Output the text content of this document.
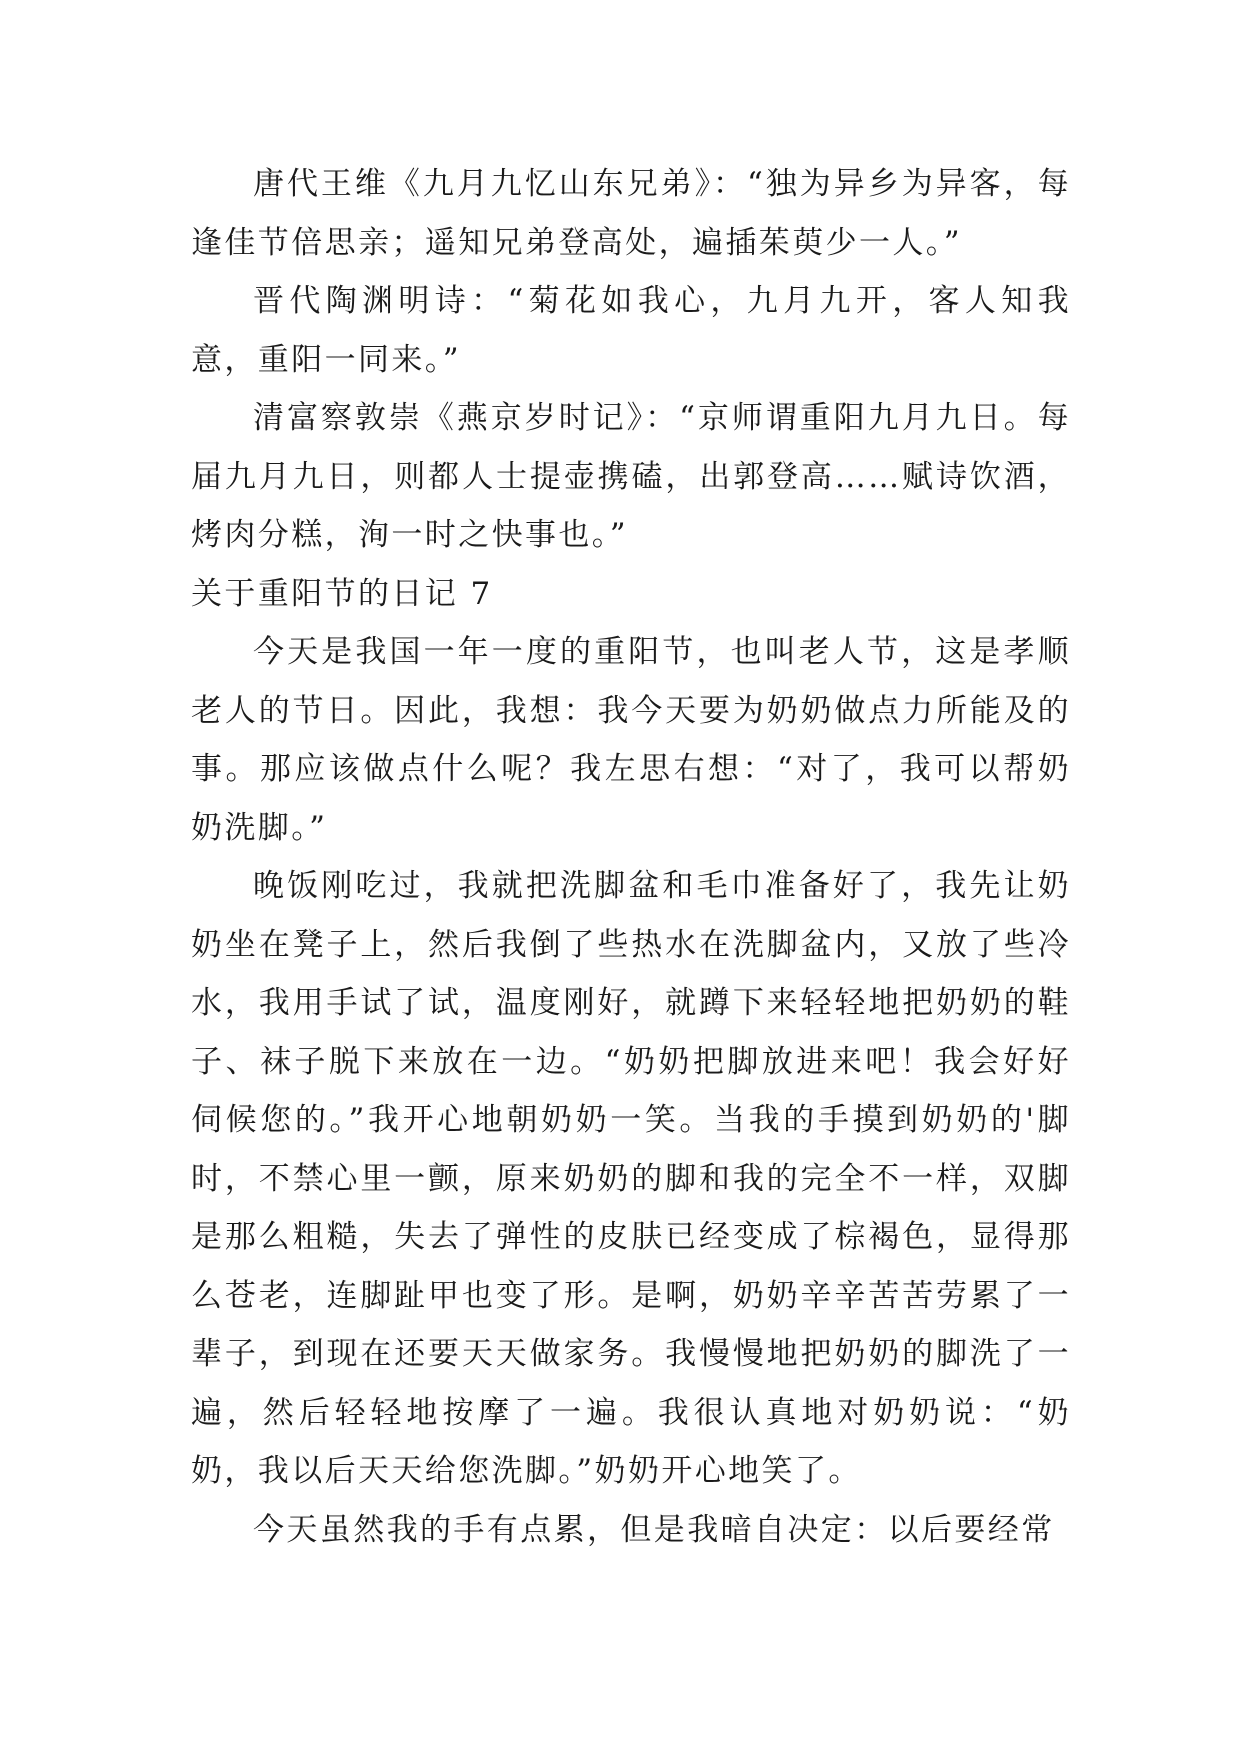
唐代王维《九月九忆山东兄弟》：“独为异乡为异客，每逢佳节倍思亲；遥知兄弟登高处，遍插茱萸少一人。”

晋代陶渊明诗：“菊花如我心，九月九开，客人知我意，重阳一同来。”

清富察敦崇《燕京岁时记》：“京师谓重阳九月九日。每届九月九日，则都人士提壶携磕，出郭登高……赋诗饮酒，烤肉分糕，洵一时之快事也。”

关于重阳节的日记 7

今天是我国一年一度的重阳节，也叫老人节，这是孝顺老人的节日。因此，我想：我今天要为奶奶做点力所能及的事。那应该做点什么呢？我左思右想：“对了，我可以帮奶奶洗脚。”

晚饭刚吃过，我就把洗脚盆和毛巾准备好了，我先让奶奶坐在凳子上，然后我倒了些热水在洗脚盆内，又放了些冷水，我用手试了试，温度刚好，就蹲下来轻轻地把奶奶的鞋子、袜子脱下来放在一边。“奶奶把脚放进来吧！我会好好伺候您的。”我开心地朝奶奶一笑。当我的手摸到奶奶的'脚时，不禁心里一颤，原来奶奶的脚和我的完全不一样，双脚是那么粗糙，失去了弹性的皮肤已经变成了棕褐色，显得那么苍老，连脚趾甲也变了形。是啊，奶奶辛辛苦苦劳累了一辈子，到现在还要天天做家务。我慢慢地把奶奶的脚洗了一遍，然后轻轻地按摩了一遍。我很认真地对奶奶说：“奶奶，我以后天天给您洗脚。”奶奶开心地笑了。

今天虽然我的手有点累，但是我暗自决定：以后要经常
